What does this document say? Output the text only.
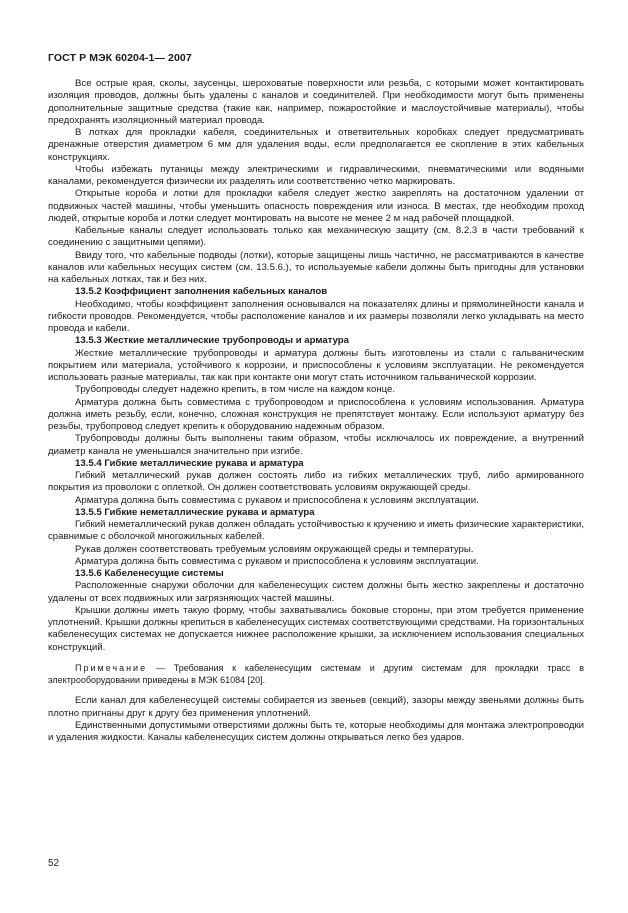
ГОСТ Р МЭК 60204-1— 2007

Все острые края, сколы, заусенцы, шероховатые поверхности или резьба, с которыми может контактировать изоляция проводов, должны быть удалены с каналов и соединителей. При необходимости могут быть применены дополнительные защитные средства (такие как, например, пожаростойкие и маслоустойчивые материалы), чтобы предохранять изоляционный материал провода.

В лотках для прокладки кабеля, соединительных и ответвительных коробках следует предусматривать дренажные отверстия диаметром 6 мм для удаления воды, если предполагается ее скопление в этих кабельных конструкциях.

Чтобы избежать путаницы между электрическими и гидравлическими, пневматическими или водяными каналами, рекомендуется физически их разделять или соответственно четко маркировать.

Открытые короба и лотки для прокладки кабеля следует жестко закреплять на достаточном удалении от подвижных частей машины, чтобы уменьшить опасность повреждения или износа. В местах, где необходим проход людей, открытые короба и лотки следует монтировать на высоте не менее 2 м над рабочей площадкой.

Кабельные каналы следует использовать только как механическую защиту (см. 8.2.3 в части требований к соединению с защитными цепями).

Ввиду того, что кабельные подводы (лотки), которые защищены лишь частично, не рассматриваются в качестве каналов или кабельных несущих систем (см. 13.5.6.), то используемые кабели должны быть пригодны для установки на кабельных лотках, так и без них.

13.5.2 Коэффициент заполнения кабельных каналов

Необходимо, чтобы коэффициент заполнения основывался на показателях длины и прямолинейности канала и гибкости проводов. Рекомендуется, чтобы расположение каналов и их размеры позволяли легко укладывать на место провода и кабели.

13.5.3 Жесткие металлические трубопроводы и арматура

Жесткие металлические трубопроводы и арматура должны быть изготовлены из стали с гальваническим покрытием или материала, устойчивого к коррозии, и приспособлены к условиям эксплуатации. Не рекомендуется использовать разные материалы, так как при контакте они могут стать источником гальванической коррозии.

Трубопроводы следует надежно крепить, в том числе на каждом конце.

Арматура должна быть совместима с трубопроводом и приспособлена к условиям использования. Арматура должна иметь резьбу, если, конечно, сложная конструкция не препятствует монтажу. Если используют арматуру без резьбы, трубопровод следует крепить к оборудованию надежным образом.

Трубопроводы должны быть выполнены таким образом, чтобы исключалось их повреждение, а внутренний диаметр канала не уменьшался значительно при изгибе.

13.5.4 Гибкие металлические рукава и арматура

Гибкий металлический рукав должен состоять либо из гибких металлических труб, либо армированного покрытия из проволоки с оплеткой. Он должен соответствовать условиям окружающей среды.

Арматура должна быть совместима с рукавом и приспособлена к условиям эксплуатации.

13.5.5 Гибкие неметаллические рукава и арматура

Гибкий неметаллический рукав должен обладать устойчивостью к кручению и иметь физические характеристики, сравнимые с оболочкой многожильных кабелей.

Рукав должен соответствовать требуемым условиям окружающей среды и температуры.

Арматура должна быть совместима с рукавом и приспособлена к условиям эксплуатации.

13.5.6 Кабеленесущие системы

Расположенные снаружи оболочки для кабеленесущих систем должны быть жестко закреплены и достаточно удалены от всех подвижных или загрязняющих частей машины.

Крышки должны иметь такую форму, чтобы захватывались боковые стороны, при этом требуется применение уплотнений. Крышки должны крепиться в кабеленесущих системах соответствующими средствами. На горизонтальных кабеленесущих системах не допускается нижнее расположение крышки, за исключением использования специальных конструкций.

Примечание — Требования к кабеленесущим системам и другим системам для прокладки трасс в электрооборудовании приведены в МЭК 61084 [20].

Если канал для кабеленесущей системы собирается из звеньев (секций), зазоры между звеньями должны быть плотно пригнаны друг к другу без применения уплотнений.

Единственными допустимыми отверстиями должны быть те, которые необходимы для монтажа электропроводки и удаления жидкости. Каналы кабеленесущих систем должны открываться легко без ударов.

52
